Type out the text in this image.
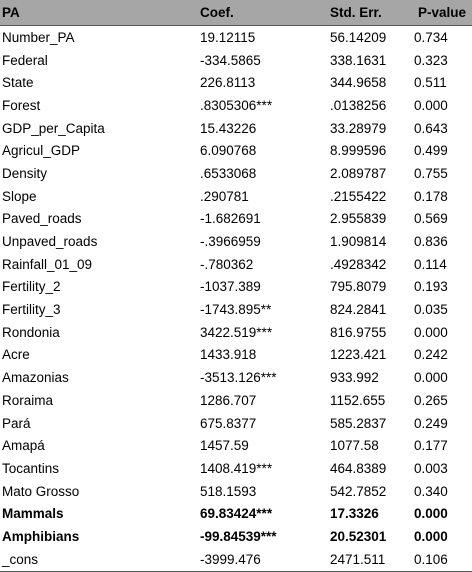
PA	Coef.	Std. Err.	P-value
Number_PA	19.12115	56.14209	0.734
Federal	-334.5865	338.1631	0.323
State	226.8113	344.9658	0.511
Forest	.8305306***	.0138256	0.000
GDP_per_Capita	15.43226	33.28979	0.643
Agricul_GDP	6.090768	8.999596	0.499
Density	.6533068	2.089787	0.755
Slope	.290781	.2155422	0.178
Paved_roads	-1.682691	2.955839	0.569
Unpaved_roads	-.3966959	1.909814	0.836
Rainfall_01_09	-.780362	.4928342	0.114
Fertility_2	-1037.389	795.8079	0.193
Fertility_3	-1743.895**	824.2841	0.035
Rondonia	3422.519***	816.9755	0.000
Acre	1433.918	1223.421	0.242
Amazonias	-3513.126***	933.992	0.000
Roraima	1286.707	1152.655	0.265
Pará	675.8377	585.2837	0.249
Amapá	1457.59	1077.58	0.177
Tocantins	1408.419***	464.8389	0.003
Mato Grosso	518.1593	542.7852	0.340
Mammals	69.83424***	17.3326	0.000
Amphibians	-99.84539***	20.52301	0.000
_cons	-3999.476	2471.511	0.106
